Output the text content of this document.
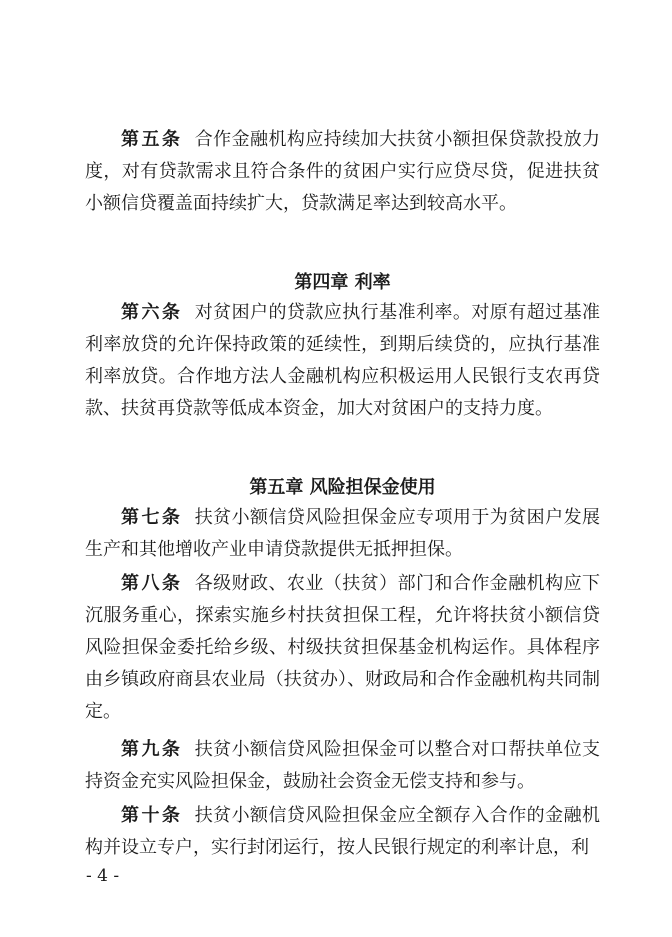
第五条 合作金融机构应持续加大扶贫小额担保贷款投放力度，对有贷款需求且符合条件的贫困户实行应贷尽贷，促进扶贫小额信贷覆盖面持续扩大，贷款满足率达到较高水平。

第四章 利率

第六条 对贫困户的贷款应执行基准利率。对原有超过基准利率放贷的允许保持政策的延续性，到期后续贷的，应执行基准利率放贷。合作地方法人金融机构应积极运用人民银行支农再贷款、扶贫再贷款等低成本资金，加大对贫困户的支持力度。

第五章 风险担保金使用

第七条 扶贫小额信贷风险担保金应专项用于为贫困户发展生产和其他增收产业申请贷款提供无抵押担保。

第八条 各级财政、农业（扶贫）部门和合作金融机构应下沉服务重心，探索实施乡村扶贫担保工程，允许将扶贫小额信贷风险担保金委托给乡级、村级扶贫担保基金机构运作。具体程序由乡镇政府商县农业局（扶贫办）、财政局和合作金融机构共同制定。

第九条 扶贫小额信贷风险担保金可以整合对口帮扶单位支持资金充实风险担保金，鼓励社会资金无偿支持和参与。

第十条 扶贫小额信贷风险担保金应全额存入合作的金融机构并设立专户，实行封闭运行，按人民银行规定的利率计息，利

- 4 -
